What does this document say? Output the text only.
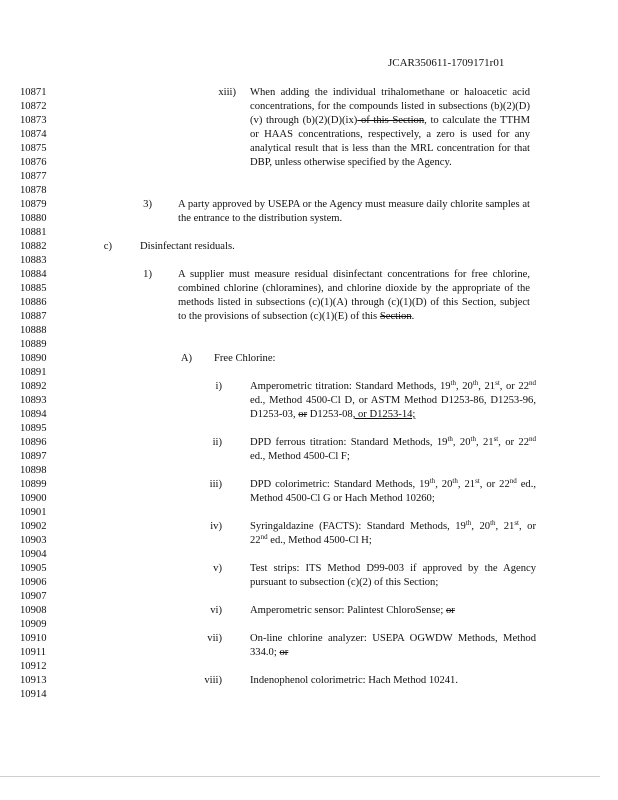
JCAR350611-1709171r01
10871
10872
10873
10874
10875
10876
10877
10878
10879
10880
10881
10882
10883
10884
10885
10886
10887
10888
10889
10890
10891
10892
10893
10894
10895
10896
10897
10898
10899
10900
10901
10902
10903
10904
10905
10906
10907
10908
10909
10910
10911
10912
10913
10914
xiii) When adding the individual trihalomethane or haloacetic acid concentrations, for the compounds listed in subsections (b)(2)(D)(v) through (b)(2)(D)(ix) of this Section, to calculate the TTHM or HAAS concentrations, respectively, a zero is used for any analytical result that is less than the MRL concentration for that DBP, unless otherwise specified by the Agency.
3) A party approved by USEPA or the Agency must measure daily chlorite samples at the entrance to the distribution system.
c)	Disinfectant residuals.
1) A supplier must measure residual disinfectant concentrations for free chlorine, combined chlorine (chloramines), and chlorine dioxide by the appropriate of the methods listed in subsections (c)(1)(A) through (c)(1)(D) of this Section, subject to the provisions of subsection (c)(1)(E) of this Section.
A) Free Chlorine:
i)	Amperometric titration: Standard Methods, 19th, 20th, 21st, or 22nd ed., Method 4500-Cl D, or ASTM Method D1253-86, D1253-96, D1253-03, or D1253-08, or D1253-14;
ii)	DPD ferrous titration: Standard Methods, 19th, 20th, 21st, or 22nd ed., Method 4500-Cl F;
iii)	DPD colorimetric: Standard Methods, 19th, 20th, 21st, or 22nd ed., Method 4500-Cl G or Hach Method 10260;
iv)	Syringaldazine (FACTS): Standard Methods, 19th, 20th, 21st, or 22nd ed., Method 4500-Cl H;
v)	Test strips: ITS Method D99-003 if approved by the Agency pursuant to subsection (c)(2) of this Section;
vi)	Amperometric sensor: Palintest ChloroSense; or
vii)	On-line chlorine analyzer: USEPA OGWDW Methods, Method 334.0; or
viii)	Indenophenol colorimetric: Hach Method 10241.
